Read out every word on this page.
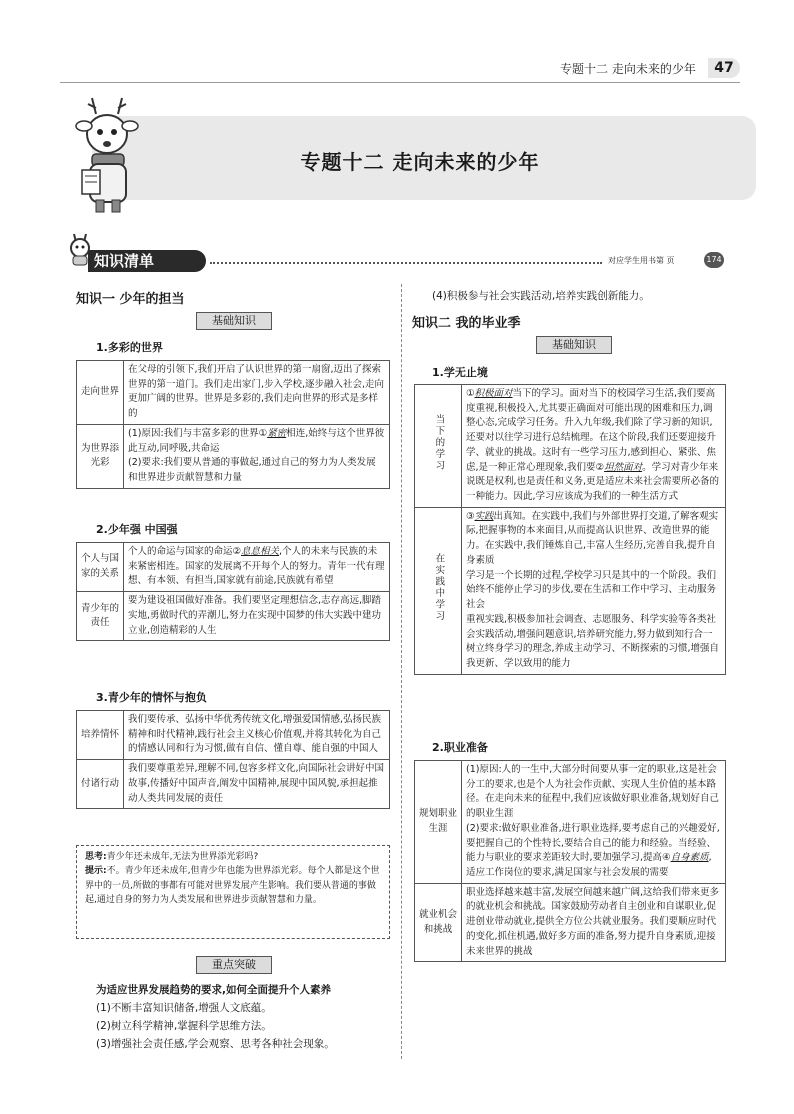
专题十二 走向未来的少年	47
专题十二 走向未来的少年
知识清单	对应学生用书第 页	174
知识一 少年的担当
基础知识
1.多彩的世界
走向世界	在父母的引领下,我们开启了认识世界的第一扇窗,迈出了探索世界的第一道门。我们走出家门,步入学校,逐步融入社会,走向更加广阔的世界。世界是多彩的,我们走向世界的形式是多样的
为世界添光彩	(1)原因:我们与丰富多彩的世界①紧密相连,始终与这个世界彼此互动,同呼吸,共命运
(2)要求:我们要从普通的事做起,通过自己的努力为人类发展和世界进步贡献智慧和力量
2.少年强 中国强
个人与国家的关系	个人的命运与国家的命运②息息相关,个人的未来与民族的未来紧密相连。国家的发展离不开每个人的努力。青年一代有理想、有本领、有担当,国家就有前途,民族就有希望
青少年的责任	要为建设祖国做好准备。我们要坚定理想信念,志存高远,脚踏实地,勇做时代的弄潮儿,努力在实现中国梦的伟大实践中建功立业,创造精彩的人生
3.青少年的情怀与抱负
培养情怀	我们要传承、弘扬中华优秀传统文化,增强爱国情感,弘扬民族精神和时代精神,践行社会主义核心价值观,并将其转化为自己的情感认同和行为习惯,做有自信、懂自尊、能自强的中国人
付诸行动	我们要尊重差异,理解不同,包容多样文化,向国际社会讲好中国故事,传播好中国声音,阐发中国精神,展现中国风貌,承担起推动人类共同发展的责任
思考:青少年还未成年,无法为世界添光彩吗?
提示:不。青少年还未成年,但青少年也能为世界添光彩。每个人都是这个世界中的一员,所做的事都有可能对世界发展产生影响。我们要从普通的事做起,通过自身的努力为人类发展和世界进步贡献智慧和力量。
重点突破
为适应世界发展趋势的要求,如何全面提升个人素养
(1)不断丰富知识储备,增强人文底蕴。
(2)树立科学精神,掌握科学思维方法。
(3)增强社会责任感,学会观察、思考各种社会现象。
(4)积极参与社会实践活动,培养实践创新能力。
知识二 我的毕业季
基础知识
1.学无止境
当下的学习	①积极面对当下的学习。面对当下的校园学习生活,我们要高度重视,积极投入,尤其要正确面对可能出现的困难和压力,调整心态,完成学习任务。升入九年级,我们除了学习新的知识,还要对以往学习进行总结梳理。在这个阶段,我们还要迎接升学、就业的挑战。这时有一些学习压力,感到担心、紧张、焦虑,是一种正常心理现象,我们要②坦然面对。学习对青少年来说既是权利,也是责任和义务,更是适应未来社会需要所必备的一种能力。因此,学习应该成为我们的一种生活方式
在实践中学习	③实践出真知。在实践中,我们与外部世界打交道,了解客观实际,把握事物的本来面目,从而提高认识世界、改造世界的能力。在实践中,我们锤炼自己,丰富人生经历,完善自我,提升自身素质
学习是一个长期的过程,学校学习只是其中的一个阶段。我们始终不能停止学习的步伐,要在生活和工作中学习、主动服务社会
重视实践,积极参加社会调查、志愿服务、科学实验等各类社会实践活动,增强问题意识,培养研究能力,努力做到知行合一
树立终身学习的理念,养成主动学习、不断探索的习惯,增强自我更新、学以致用的能力
2.职业准备
规划职业生涯	(1)原因:人的一生中,大部分时间要从事一定的职业,这是社会分工的要求,也是个人为社会作贡献、实现人生价值的基本路径。在走向未来的征程中,我们应该做好职业准备,规划好自己的职业生涯
(2)要求:做好职业准备,进行职业选择,要考虑自己的兴趣爱好,要把握自己的个性特长,要结合自己的能力和经验。当经验、能力与职业的要求差距较大时,要加强学习,提高④自身素质,适应工作岗位的要求,满足国家与社会发展的需要
就业机会和挑战	职业选择越来越丰富,发展空间越来越广阔,这给我们带来更多的就业机会和挑战。国家鼓励劳动者自主创业和自谋职业,促进创业带动就业,提供全方位公共就业服务。我们要顺应时代的变化,抓住机遇,做好多方面的准备,努力提升自身素质,迎接未来世界的挑战
